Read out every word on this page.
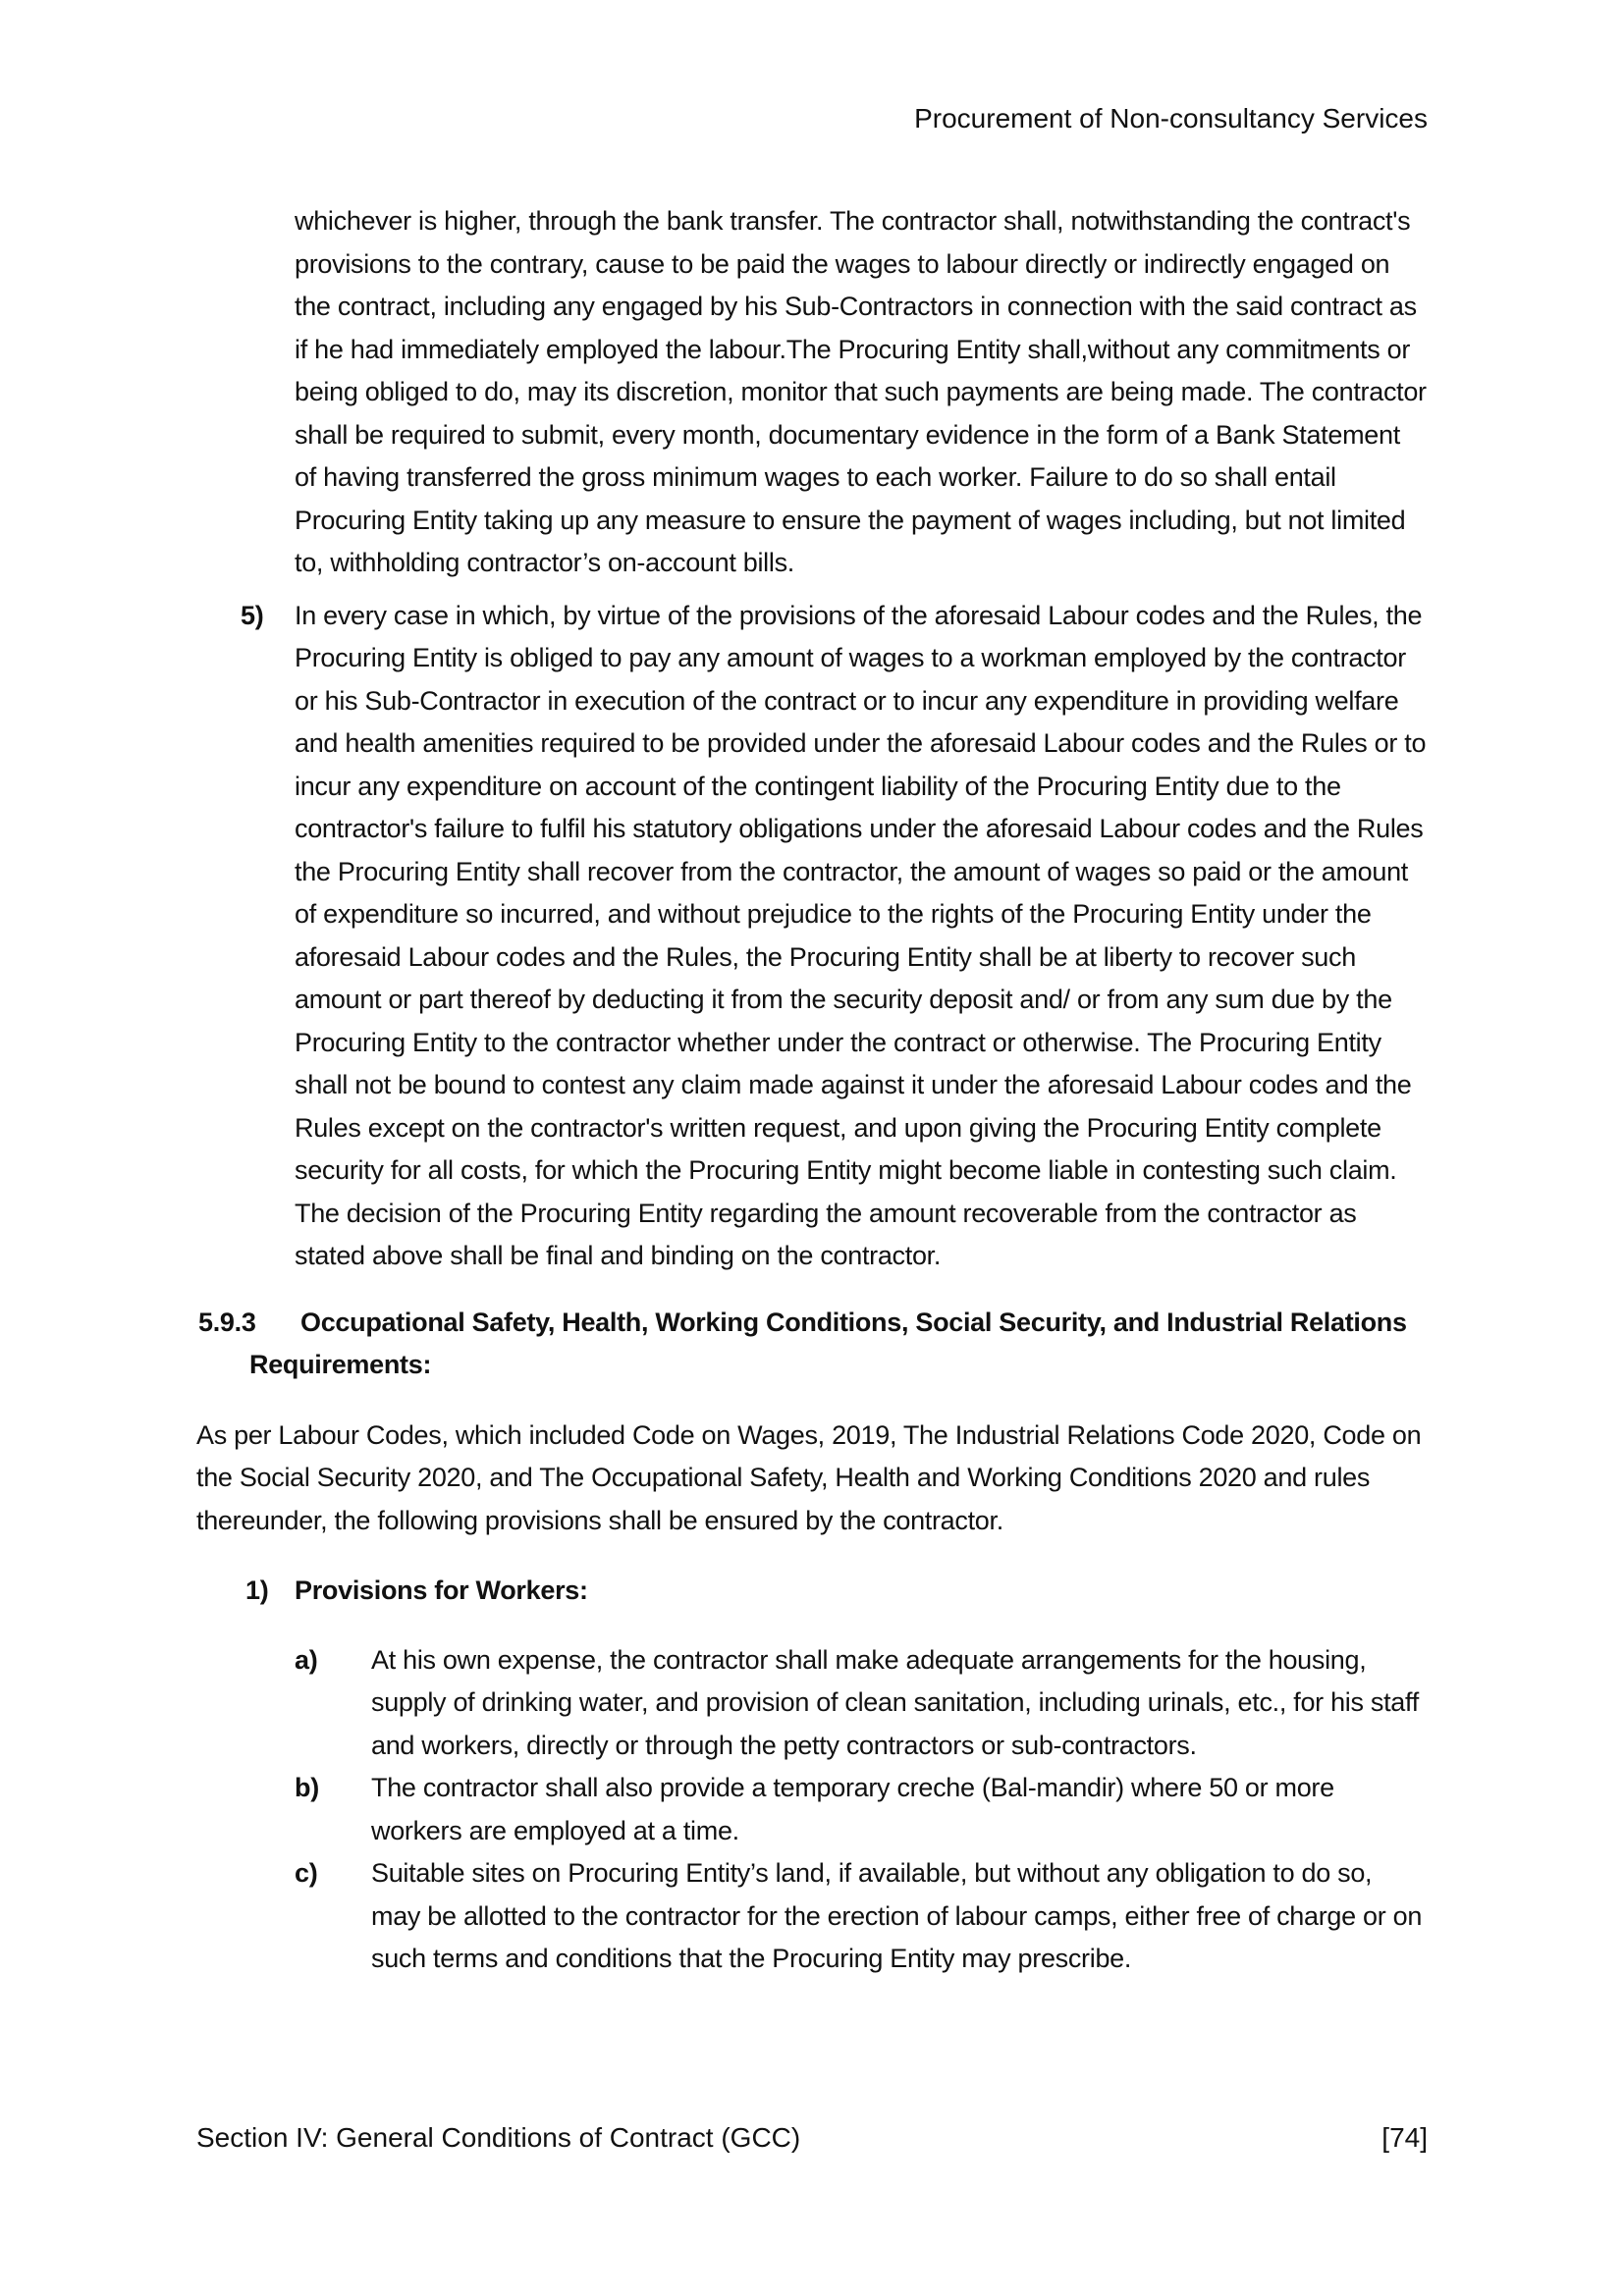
Procurement of Non-consultancy Services

whichever is higher, through the bank transfer. The contractor shall, notwithstanding the contract's provisions to the contrary, cause to be paid the wages to labour directly or indirectly engaged on the contract, including any engaged by his Sub-Contractors in connection with the said contract as if he had immediately employed the labour.The Procuring Entity shall,without any commitments or being obliged to do, may its discretion, monitor that such payments are being made. The contractor shall be required to submit, every month, documentary evidence in the form of a Bank Statement of having transferred the gross minimum wages to each worker. Failure to do so shall entail Procuring Entity taking up any measure to ensure the payment of wages including, but not limited to, withholding contractor’s on-account bills.

5) In every case in which, by virtue of the provisions of the aforesaid Labour codes and the Rules, the Procuring Entity is obliged to pay any amount of wages to a workman employed by the contractor or his Sub-Contractor in execution of the contract or to incur any expenditure in providing welfare and health amenities required to be provided under the aforesaid Labour codes and the Rules or to incur any expenditure on account of the contingent liability of the Procuring Entity due to the contractor's failure to fulfil his statutory obligations under the aforesaid Labour codes and the Rules the Procuring Entity shall recover from the contractor, the amount of wages so paid or the amount of expenditure so incurred, and without prejudice to the rights of the Procuring Entity under the aforesaid Labour codes and the Rules, the Procuring Entity shall be at liberty to recover such amount or part thereof by deducting it from the security deposit and/ or from any sum due by the Procuring Entity to the contractor whether under the contract or otherwise. The Procuring Entity shall not be bound to contest any claim made against it under the aforesaid Labour codes and the Rules except on the contractor's written request, and upon giving the Procuring Entity complete security for all costs, for which the Procuring Entity might become liable in contesting such claim. The decision of the Procuring Entity regarding the amount recoverable from the contractor as stated above shall be final and binding on the contractor.

5.9.3 Occupational Safety, Health, Working Conditions, Social Security, and Industrial Relations Requirements:

As per Labour Codes, which included Code on Wages, 2019, The Industrial Relations Code 2020, Code on the Social Security 2020, and The Occupational Safety, Health and Working Conditions 2020 and rules thereunder, the following provisions shall be ensured by the contractor.

1) Provisions for Workers:

a) At his own expense, the contractor shall make adequate arrangements for the housing, supply of drinking water, and provision of clean sanitation, including urinals, etc., for his staff and workers, directly or through the petty contractors or sub-contractors.

b) The contractor shall also provide a temporary creche (Bal-mandir) where 50 or more workers are employed at a time.

c) Suitable sites on Procuring Entity’s land, if available, but without any obligation to do so, may be allotted to the contractor for the erection of labour camps, either free of charge or on such terms and conditions that the Procuring Entity may prescribe.

Section IV: General Conditions of Contract (GCC)	[74]
